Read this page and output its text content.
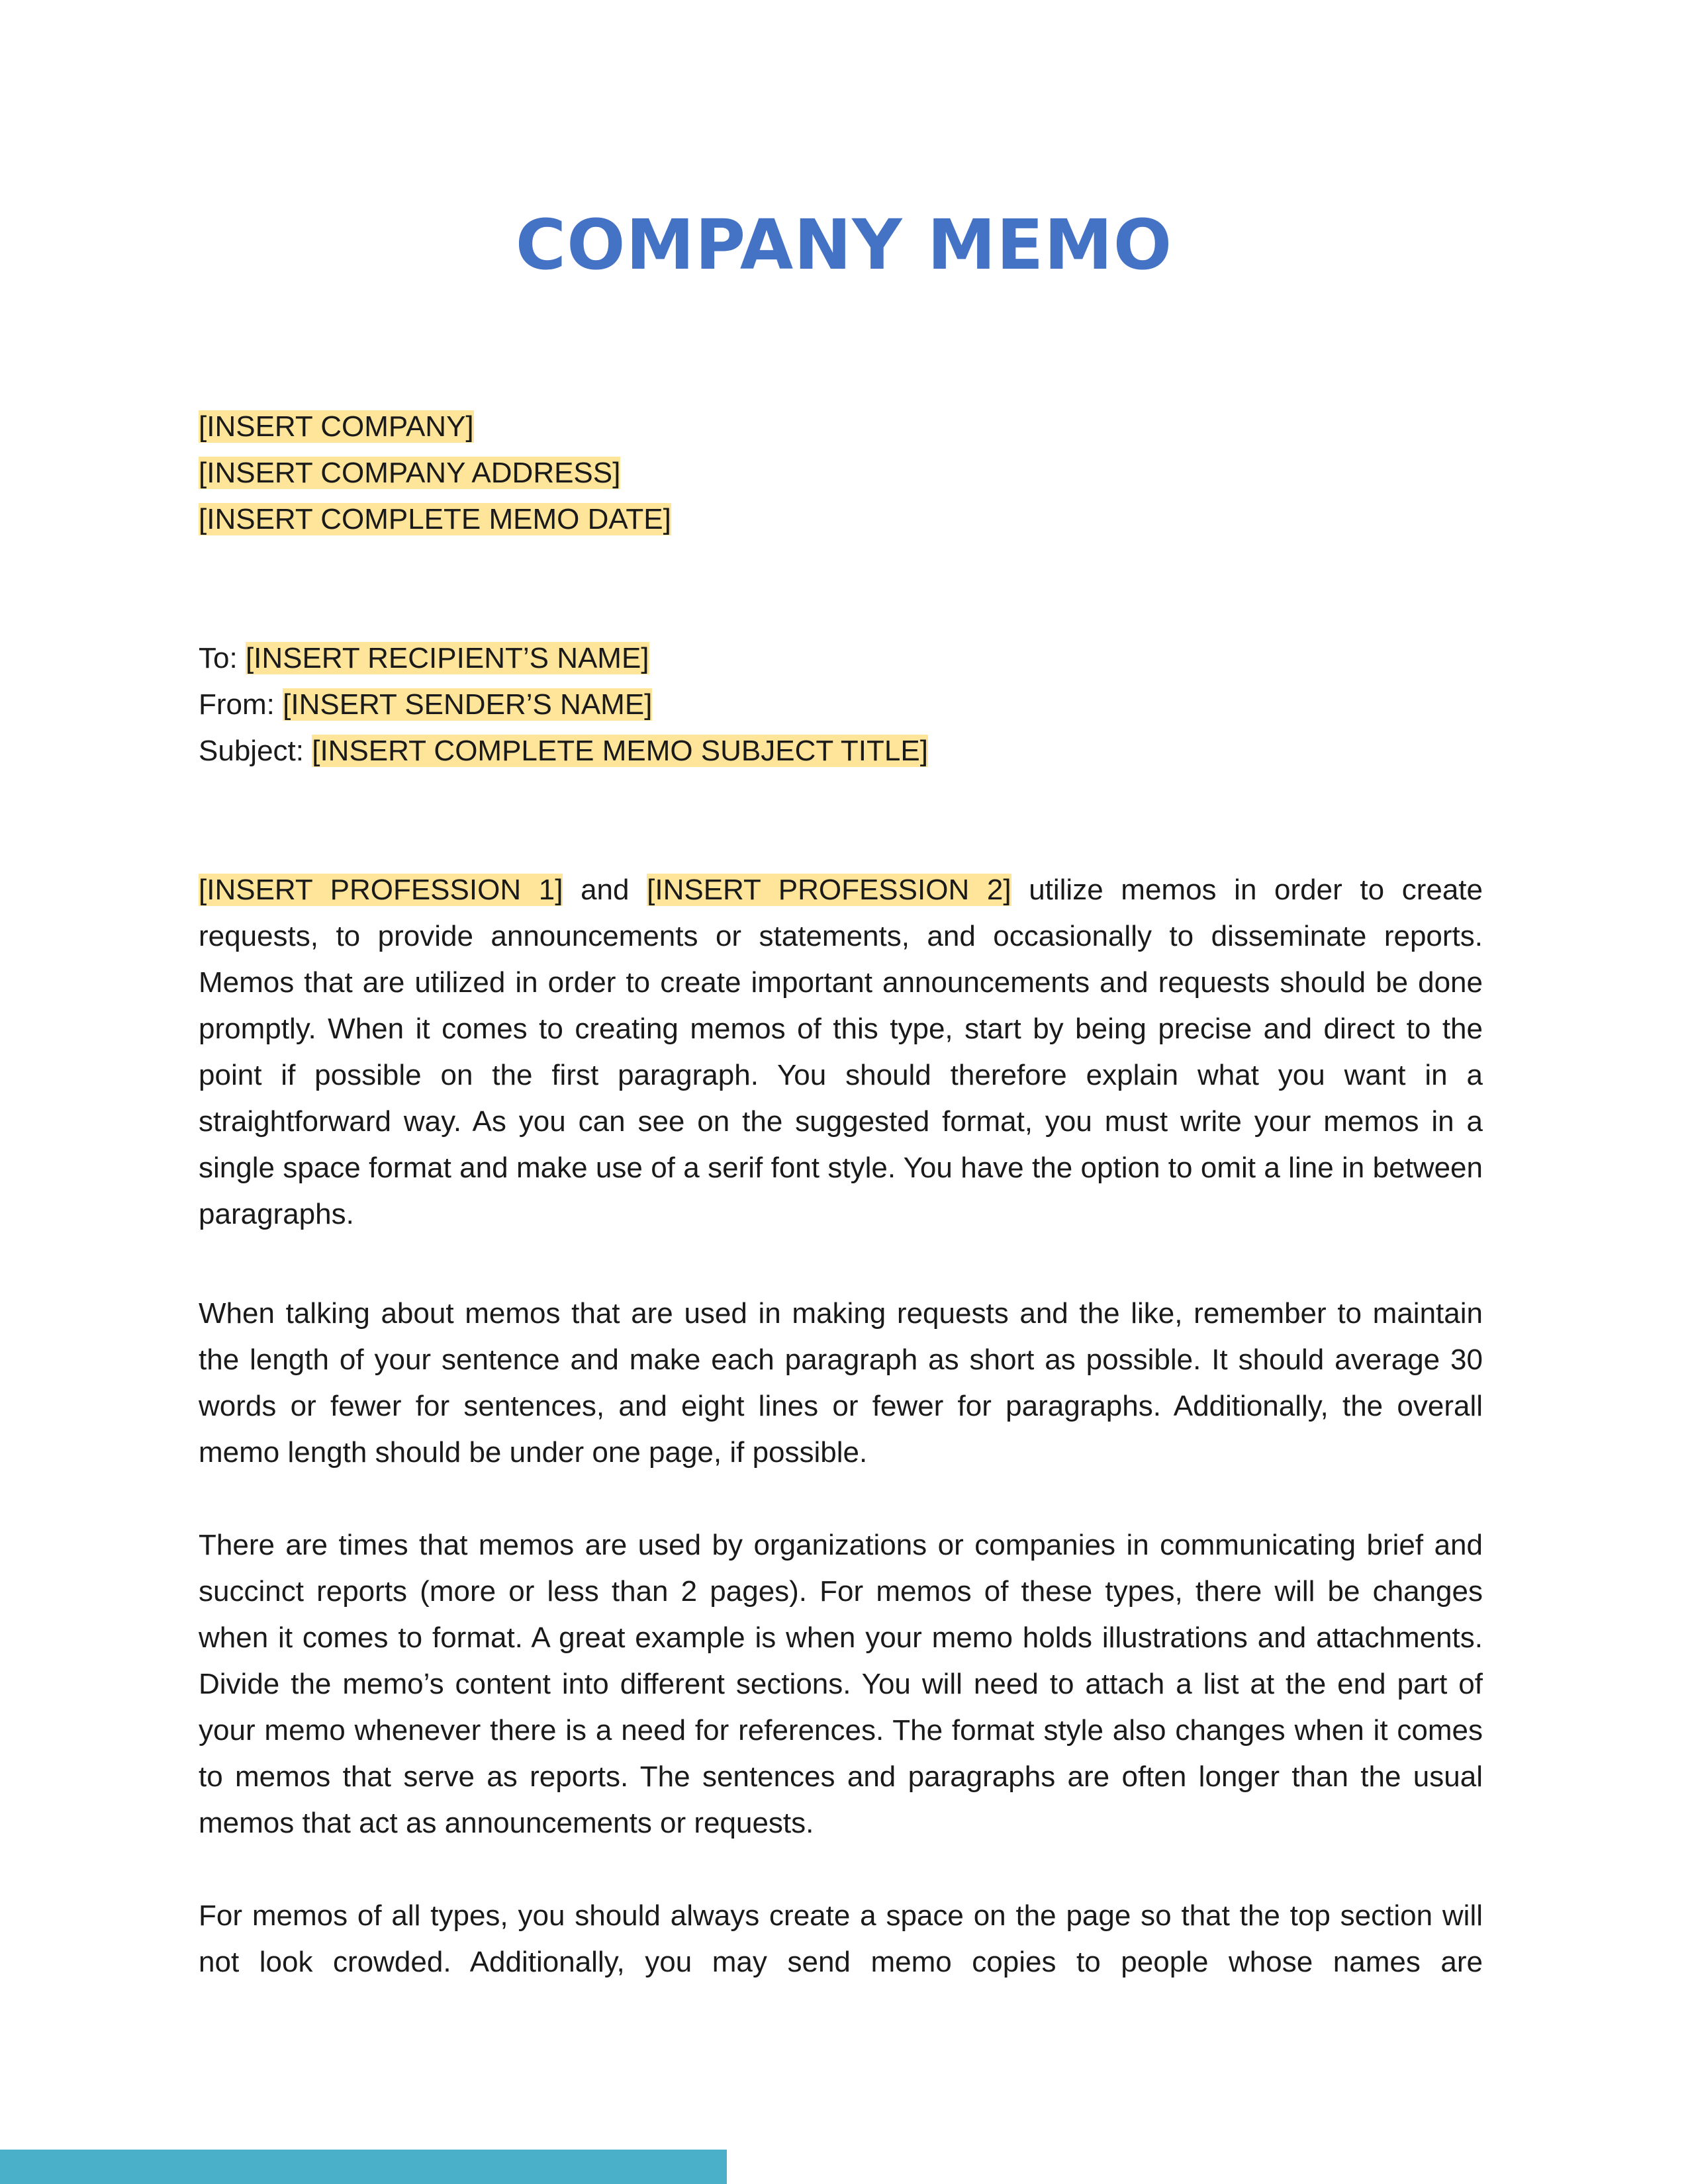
COMPANY MEMO
[INSERT COMPANY]
[INSERT COMPANY ADDRESS]
[INSERT COMPLETE MEMO DATE]
To: [INSERT RECIPIENT’S NAME]
From: [INSERT SENDER’S NAME]
Subject: [INSERT COMPLETE MEMO SUBJECT TITLE]

[INSERT PROFESSION 1] and [INSERT PROFESSION 2] utilize memos in order to create requests, to provide announcements or statements, and occasionally to disseminate reports. Memos that are utilized in order to create important announcements and requests should be done promptly. When it comes to creating memos of this type, start by being precise and direct to the point if possible on the first paragraph. You should therefore explain what you want in a straightforward way. As you can see on the suggested format, you must write your memos in a single space format and make use of a serif font style. You have the option to omit a line in between paragraphs.

When talking about memos that are used in making requests and the like, remember to maintain the length of your sentence and make each paragraph as short as possible. It should average 30 words or fewer for sentences, and eight lines or fewer for paragraphs. Additionally, the overall memo length should be under one page, if possible.

There are times that memos are used by organizations or companies in communicating brief and succinct reports (more or less than 2 pages). For memos of these types, there will be changes when it comes to format. A great example is when your memo holds illustrations and attachments. Divide the memo’s content into different sections. You will need to attach a list at the end part of your memo whenever there is a need for references. The format style also changes when it comes to memos that serve as reports. The sentences and paragraphs are often longer than the usual memos that act as announcements or requests.

For memos of all types, you should always create a space on the page so that the top section will not look crowded. Additionally, you may send memo copies to people whose names are
